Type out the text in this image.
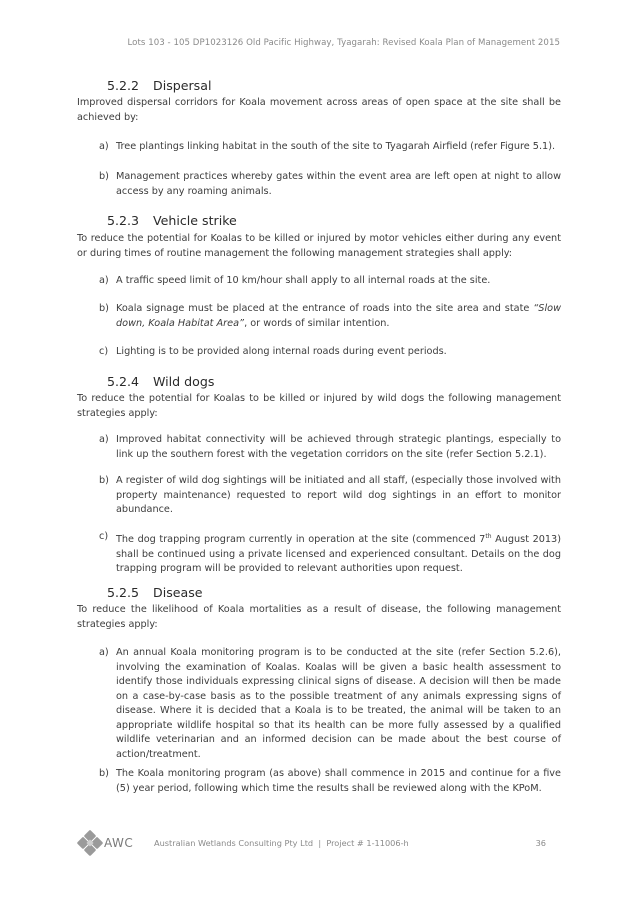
Lots 103 - 105 DP1023126 Old Pacific Highway, Tyagarah: Revised Koala Plan of Management 2015
5.2.2 Dispersal

Improved dispersal corridors for Koala movement across areas of open space at the site shall be achieved by:

a) Tree plantings linking habitat in the south of the site to Tyagarah Airfield (refer Figure 5.1).
b) Management practices whereby gates within the event area are left open at night to allow access by any roaming animals.
5.2.3 Vehicle strike

To reduce the potential for Koalas to be killed or injured by motor vehicles either during any event or during times of routine management the following management strategies shall apply:

a) A traffic speed limit of 10 km/hour shall apply to all internal roads at the site.
b) Koala signage must be placed at the entrance of roads into the site area and state “Slow down, Koala Habitat Area”, or words of similar intention.
c) Lighting is to be provided along internal roads during event periods.
5.2.4 Wild dogs

To reduce the potential for Koalas to be killed or injured by wild dogs the following management strategies apply:

a) Improved habitat connectivity will be achieved through strategic plantings, especially to link up the southern forest with the vegetation corridors on the site (refer Section 5.2.1).
b) A register of wild dog sightings will be initiated and all staff, (especially those involved with property maintenance) requested to report wild dog sightings in an effort to monitor abundance.
c) The dog trapping program currently in operation at the site (commenced 7th August 2013) shall be continued using a private licensed and experienced consultant. Details on the dog trapping program will be provided to relevant authorities upon request.
5.2.5 Disease

To reduce the likelihood of Koala mortalities as a result of disease, the following management strategies apply:

a) An annual Koala monitoring program is to be conducted at the site (refer Section 5.2.6), involving the examination of Koalas. Koalas will be given a basic health assessment to identify those individuals expressing clinical signs of disease. A decision will then be made on a case-by-case basis as to the possible treatment of any animals expressing signs of disease. Where it is decided that a Koala is to be treated, the animal will be taken to an appropriate wildlife hospital so that its health can be more fully assessed by a qualified wildlife veterinarian and an informed decision can be made about the best course of action/treatment.
b) The Koala monitoring program (as above) shall commence in 2015 and continue for a five (5) year period, following which time the results shall be reviewed along with the KPoM.
AWC	Australian Wetlands Consulting Pty Ltd | Project # 1-11006-h	36
